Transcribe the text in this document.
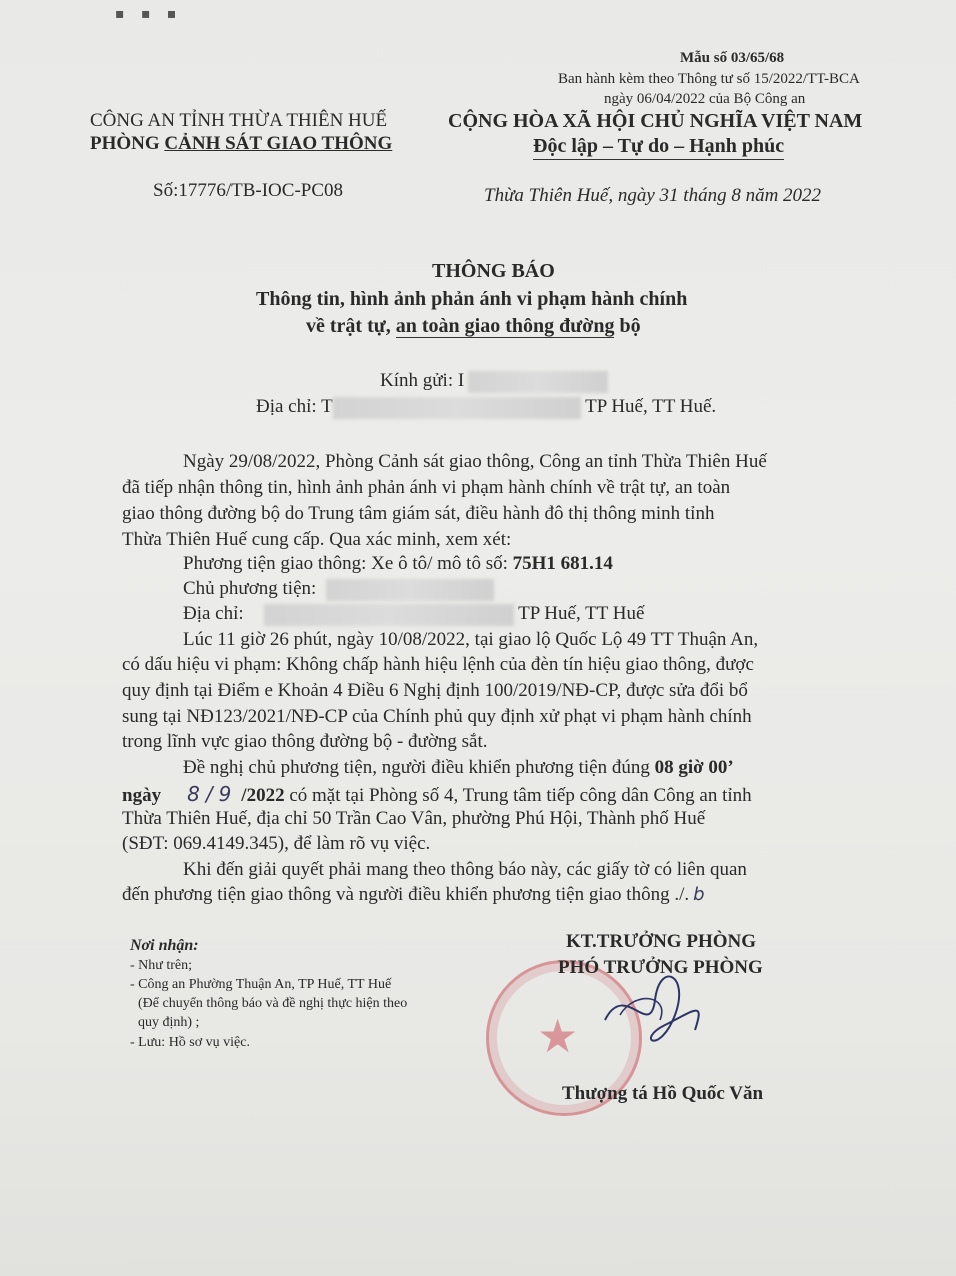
▪ ▪ ▪
Mẫu số 03/65/68
Ban hành kèm theo Thông tư số 15/2022/TT-BCA
ngày 06/04/2022 của Bộ Công an
CÔNG AN TỈNH THỪA THIÊN HUẾ
PHÒNG CẢNH SÁT GIAO THÔNG
Số:17776/TB-IOC-PC08
CỘNG HÒA XÃ HỘI CHỦ NGHĨA VIỆT NAM
Độc lập – Tự do – Hạnh phúc
Thừa Thiên Huế, ngày 31 tháng 8 năm 2022
THÔNG BÁO
Thông tin, hình ảnh phản ánh vi phạm hành chính
về trật tự, an toàn giao thông đường bộ
Kính gửi: I
Địa chỉ: T	TP Huế, TT Huế.
Ngày 29/08/2022, Phòng Cảnh sát giao thông, Công an tỉnh Thừa Thiên Huế
đã tiếp nhận thông tin, hình ảnh phản ánh vi phạm hành chính về trật tự, an toàn
giao thông đường bộ do Trung tâm giám sát, điều hành đô thị thông minh tỉnh
Thừa Thiên Huế cung cấp. Qua xác minh, xem xét:
Phương tiện giao thông: Xe ô tô/ mô tô số: 75H1 681.14
Chủ phương tiện:
Địa chỉ:	TP Huế, TT Huế
Lúc 11 giờ 26 phút, ngày 10/08/2022, tại giao lộ Quốc Lộ 49 TT Thuận An,
có dấu hiệu vi phạm: Không chấp hành hiệu lệnh của đèn tín hiệu giao thông, được
quy định tại Điểm e Khoản 4 Điều 6 Nghị định 100/2019/NĐ-CP, được sửa đổi bổ
sung tại NĐ123/2021/NĐ-CP của Chính phủ quy định xử phạt vi phạm hành chính
trong lĩnh vực giao thông đường bộ - đường sắt.
Đề nghị chủ phương tiện, người điều khiển phương tiện đúng 08 giờ 00’
ngày 8 / 9 /2022 có mặt tại Phòng số 4, Trung tâm tiếp công dân Công an tỉnh
Thừa Thiên Huế, địa chỉ 50 Trần Cao Vân, phường Phú Hội, Thành phố Huế
(SĐT: 069.4149.345), để làm rõ vụ việc.
Khi đến giải quyết phải mang theo thông báo này, các giấy tờ có liên quan
đến phương tiện giao thông và người điều khiển phương tiện giao thông ./. b
Nơi nhận:
- Như trên;
- Công an Phường Thuận An, TP Huế, TT Huế
(Để chuyển thông báo và đề nghị thực hiện theo
quy định) ;
- Lưu: Hồ sơ vụ việc.	★
KT.TRƯỞNG PHÒNG
PHÓ TRƯỞNG PHÒNG
Thượng tá Hồ Quốc Văn
